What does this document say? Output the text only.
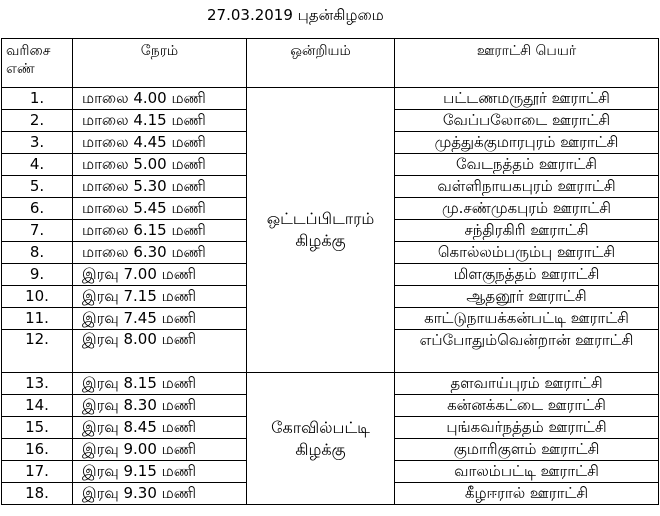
27.03.2019 புதன்கிழமை
வரிசை எண்	நேரம்	ஒன்றியம்	ஊராட்சி பெயர்
1.	மாலை 4.00 மணி	ஒட்டப்பிடாரம் கிழக்கு	பட்டணமருதூர் ஊராட்சி
2.	மாலை 4.15 மணி		வேப்பலோடை ஊராட்சி
3.	மாலை 4.45 மணி		முத்துக்குமாரபுரம் ஊராட்சி
4.	மாலை 5.00 மணி		வேடநத்தம் ஊராட்சி
5.	மாலை 5.30 மணி		வள்ளிநாயகபுரம் ஊராட்சி
6.	மாலை 5.45 மணி		மு.சண்முகபுரம் ஊராட்சி
7.	மாலை 6.15 மணி		சந்திரகிரி ஊராட்சி
8.	மாலை 6.30 மணி		கொல்லம்பரும்பு ஊராட்சி
9.	இரவு 7.00 மணி		மிளகுநத்தம் ஊராட்சி
10.	இரவு 7.15 மணி		ஆதனூர் ஊராட்சி
11.	இரவு 7.45 மணி		காட்டுநாயக்கன்பட்டி ஊராட்சி
12.	இரவு 8.00 மணி		எப்போதும்வென்றான் ஊராட்சி
13.	இரவு 8.15 மணி	கோவில்பட்டி கிழக்கு	தளவாய்புரம் ஊராட்சி
14.	இரவு 8.30 மணி		கன்னக்கட்டை ஊராட்சி
15.	இரவு 8.45 மணி		புங்கவர்நத்தம் ஊராட்சி
16.	இரவு 9.00 மணி		குமாரிகுளம் ஊராட்சி
17.	இரவு 9.15 மணி		வாலம்பட்டி ஊராட்சி
18.	இரவு 9.30 மணி		கீழஈரால் ஊராட்சி
